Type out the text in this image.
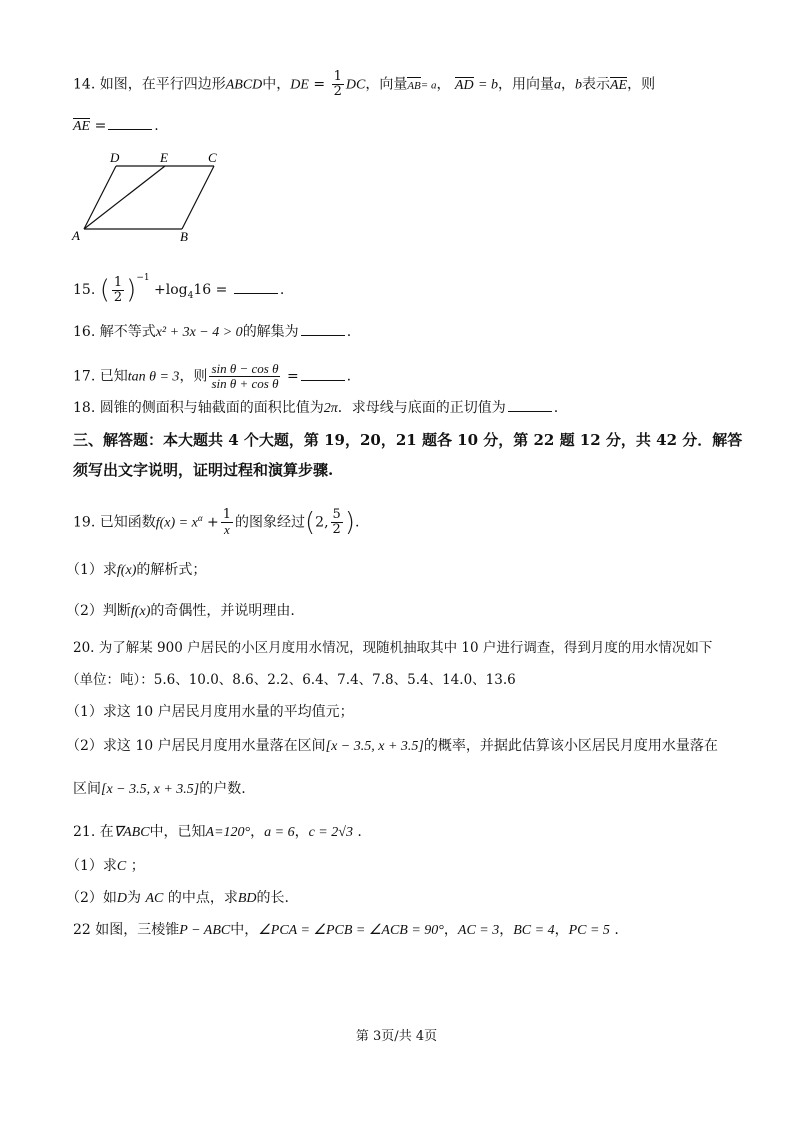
14. 如图，在平行四边形ABCD中，DE = $\frac{1}{2}$ DC，向量AB= a， AD = b，用向量a，b表示AE，则
AE =	.
D	E	C
A	B
15. ( $\frac{1}{2} )^{-1} +\log_416$ =	.
16. 解不等式x² + 3x − 4 > 0的解集为	.
17. 已知tan θ = 3，则 $\frac{\text{sin θ − cos θ}}{\text{sin θ + cos θ}}$ =	.
18. 圆锥的侧面积与轴截面的面积比值为2π．求母线与底面的正切值为	.
三、解答题：本大题共 4 个大题，第 19，20，21 题各 10 分，第 22 题 12 分，共 42 分．解答
须写出文字说明，证明过程和演算步骤.
19. 已知函数$f(x) = x^\alpha + \frac{1}{x}$ 的图象经过(2, $\frac{5}{2}$ ).
（1）求f(x)的解析式；
（2）判断f(x)的奇偶性，并说明理由.
20. 为了解某 900 户居民的小区月度用水情况，现随机抽取其中 10 户进行调查，得到月度的用水情况如下
（单位：吨）：5.6、10.0、8.6、2.2、6.4、7.4、7.8、5.4、14.0、13.6
（1）求这 10 户居民月度用水量的平均值元；
（2）求这 10 户居民月度用水量落在区间[x − 3.5, x + 3.5]的概率，并据此估算该小区居民月度用水量落在
区间[x − 3.5, x + 3.5]的户数.
21. 在∇ABC中，已知A=120°，a = 6，c = 2√3 .
（1）求C ；
（2）如D为 AC 的中点，求BD的长.
22 如图，三棱锥P − ABC中，∠PCA = ∠PCB = ∠ACB = 90°，AC = 3，BC = 4，PC = 5 .
第 3页/共 4页
